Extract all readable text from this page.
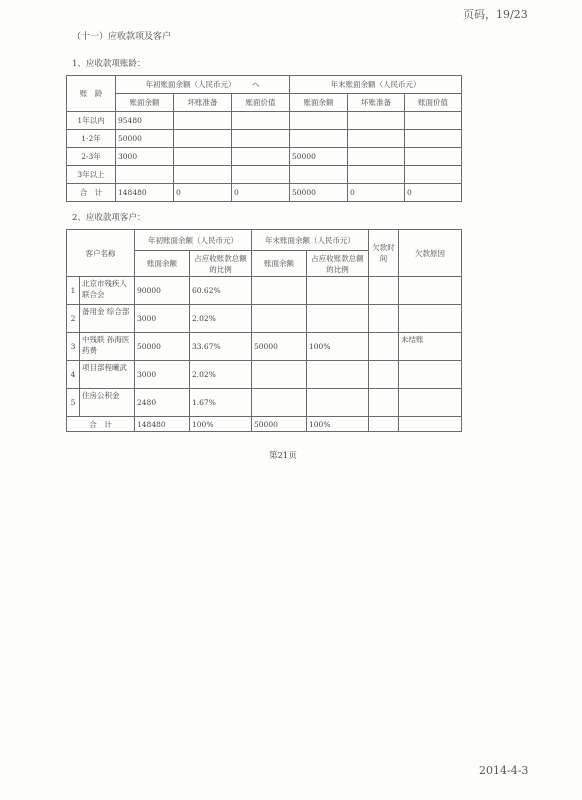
页码，19/23
（十一）应收款项及客户
1、应收款项账龄：
账　龄	年初账面余额（人民币元） へ			年末账面余额（人民币元）		
	账面余额	坏账准备	账面价值	账面余额	坏账准备	账面价值
1年以内	95480					
1-2年	50000					
2-3年	3000			50000		
3年以上						
合　计	148480	0	0	50000	0	0
2、应收款项客户：
客户名称		年初账面余额（人民币元）		年末账面余额（人民币元）		欠款时间	欠款原因
		账面余额	占应收账款总额的比例	账面余额	占应收账款总额的比例		
1	北京市残疾人联合会	90000	60.62%				
2	备用金 综合部	3000	2.02%				
3	中残联 孙海医药费	50000	33.67%	50000	100%		未结账
4	项目部程曦武	3000	2.02%				
5	住房公积金	2480	1.67%				
合　计		148480	100%	50000	100%		
第21页
2014-4-3
